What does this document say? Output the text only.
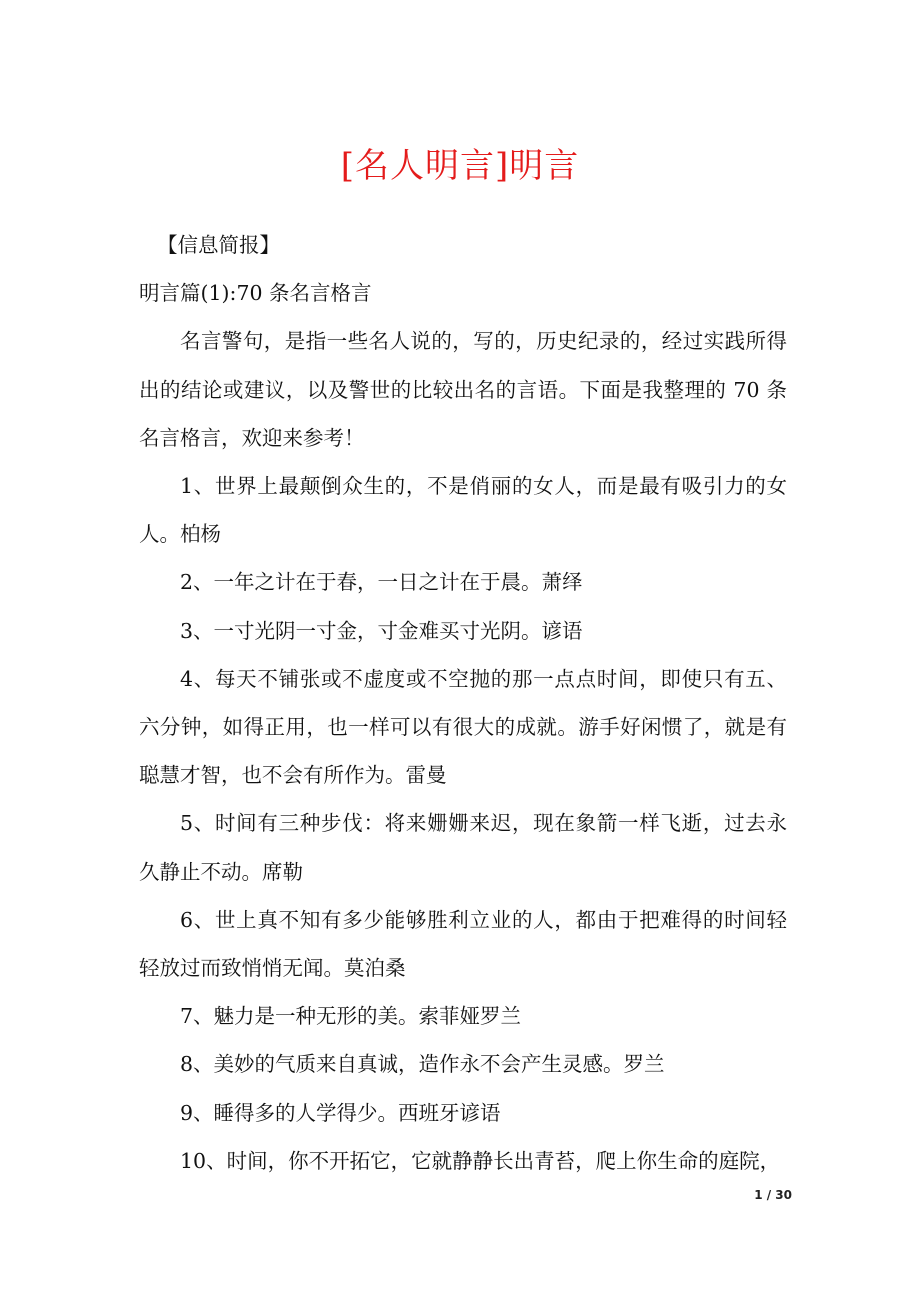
[名人明言]明言

【信息简报】

明言篇(1):70 条名言格言

名言警句，是指一些名人说的，写的，历史纪录的，经过实践所得出的结论或建议，以及警世的比较出名的言语。下面是我整理的 70 条名言格言，欢迎来参考！

1、世界上最颠倒众生的，不是俏丽的女人，而是最有吸引力的女人。柏杨

2、一年之计在于春，一日之计在于晨。萧绎

3、一寸光阴一寸金，寸金难买寸光阴。谚语

4、每天不铺张或不虚度或不空抛的那一点点时间，即使只有五、六分钟，如得正用，也一样可以有很大的成就。游手好闲惯了，就是有聪慧才智，也不会有所作为。雷曼

5、时间有三种步伐：将来姗姗来迟，现在象箭一样飞逝，过去永久静止不动。席勒

6、世上真不知有多少能够胜利立业的人，都由于把难得的时间轻轻放过而致悄悄无闻。莫泊桑

7、魅力是一种无形的美。索菲娅罗兰

8、美妙的气质来自真诚，造作永不会产生灵感。罗兰

9、睡得多的人学得少。西班牙谚语

10、时间，你不开拓它，它就静静长出青苔，爬上你生命的庭院，

1 / 30
